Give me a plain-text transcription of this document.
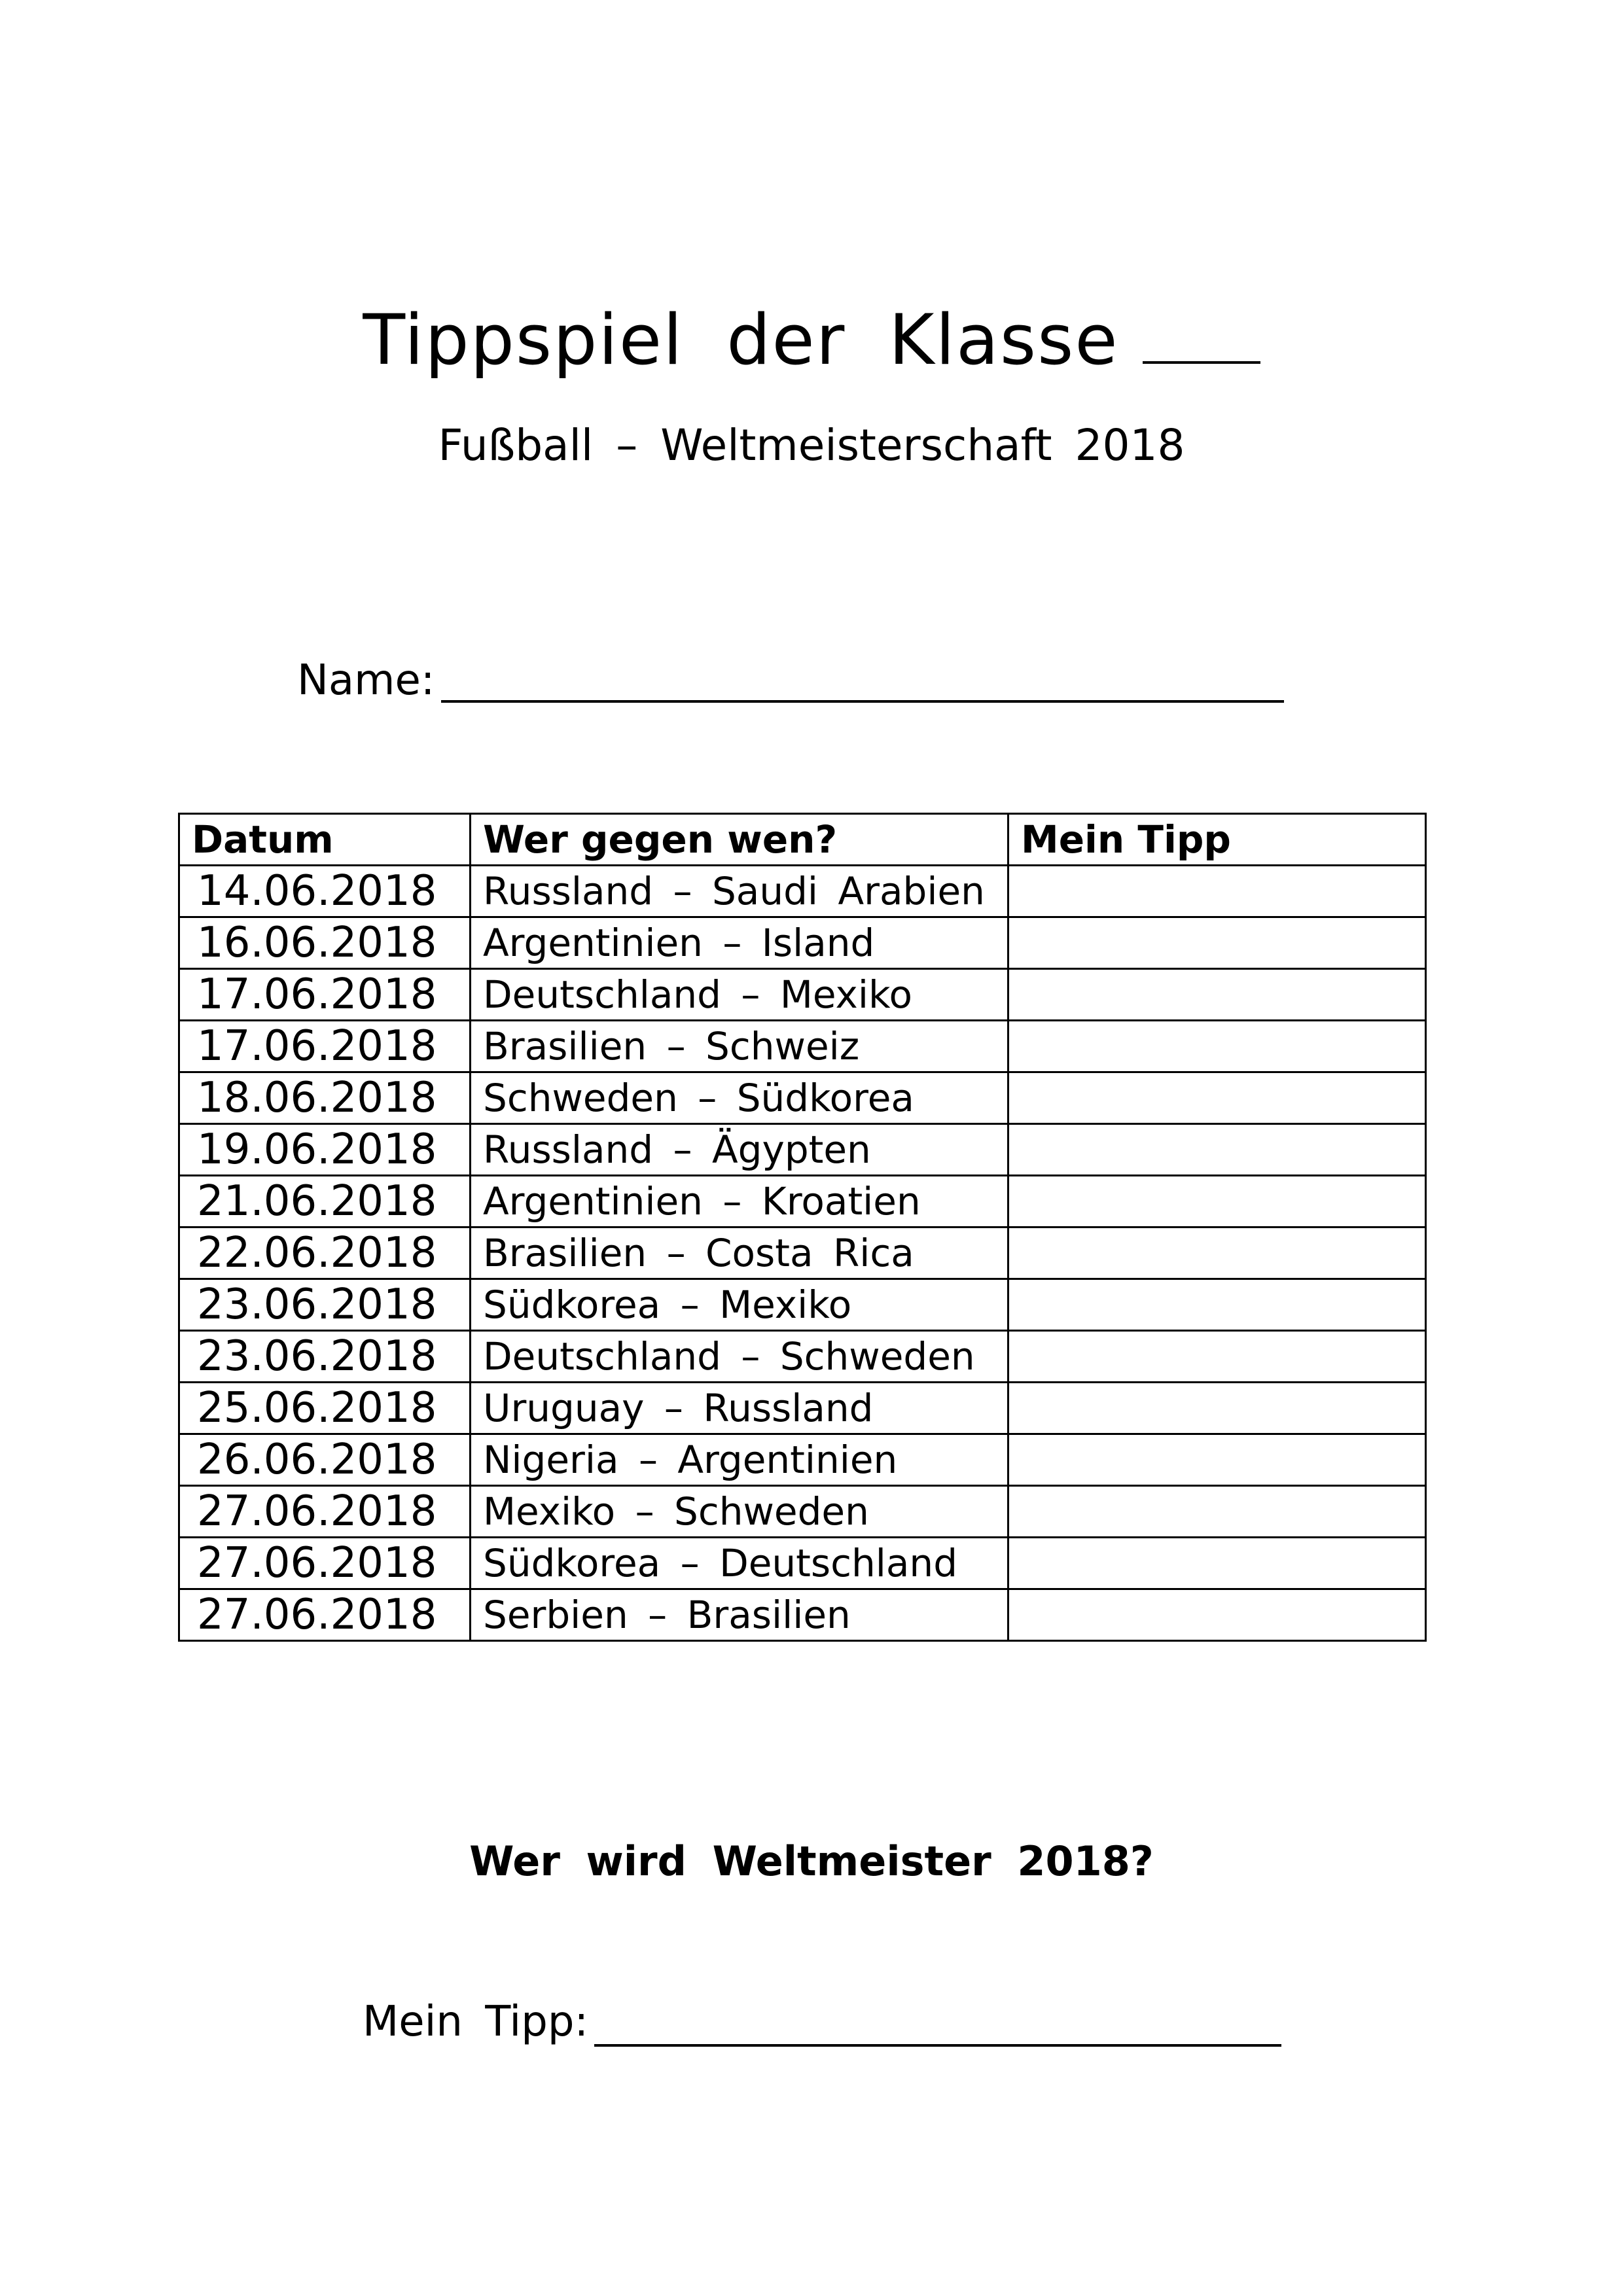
Tippspiel der Klasse
Fußball – Weltmeisterschaft 2018
Name:
Datum	Wer gegen wen?	Mein Tipp
14.06.2018	Russland – Saudi Arabien	
16.06.2018	Argentinien – Island	
17.06.2018	Deutschland – Mexiko	
17.06.2018	Brasilien – Schweiz	
18.06.2018	Schweden – Südkorea	
19.06.2018	Russland – Ägypten	
21.06.2018	Argentinien – Kroatien	
22.06.2018	Brasilien – Costa Rica	
23.06.2018	Südkorea – Mexiko	
23.06.2018	Deutschland – Schweden	
25.06.2018	Uruguay – Russland	
26.06.2018	Nigeria – Argentinien	
27.06.2018	Mexiko – Schweden	
27.06.2018	Südkorea – Deutschland	
27.06.2018	Serbien – Brasilien	
Wer wird Weltmeister 2018?
Mein Tipp:
